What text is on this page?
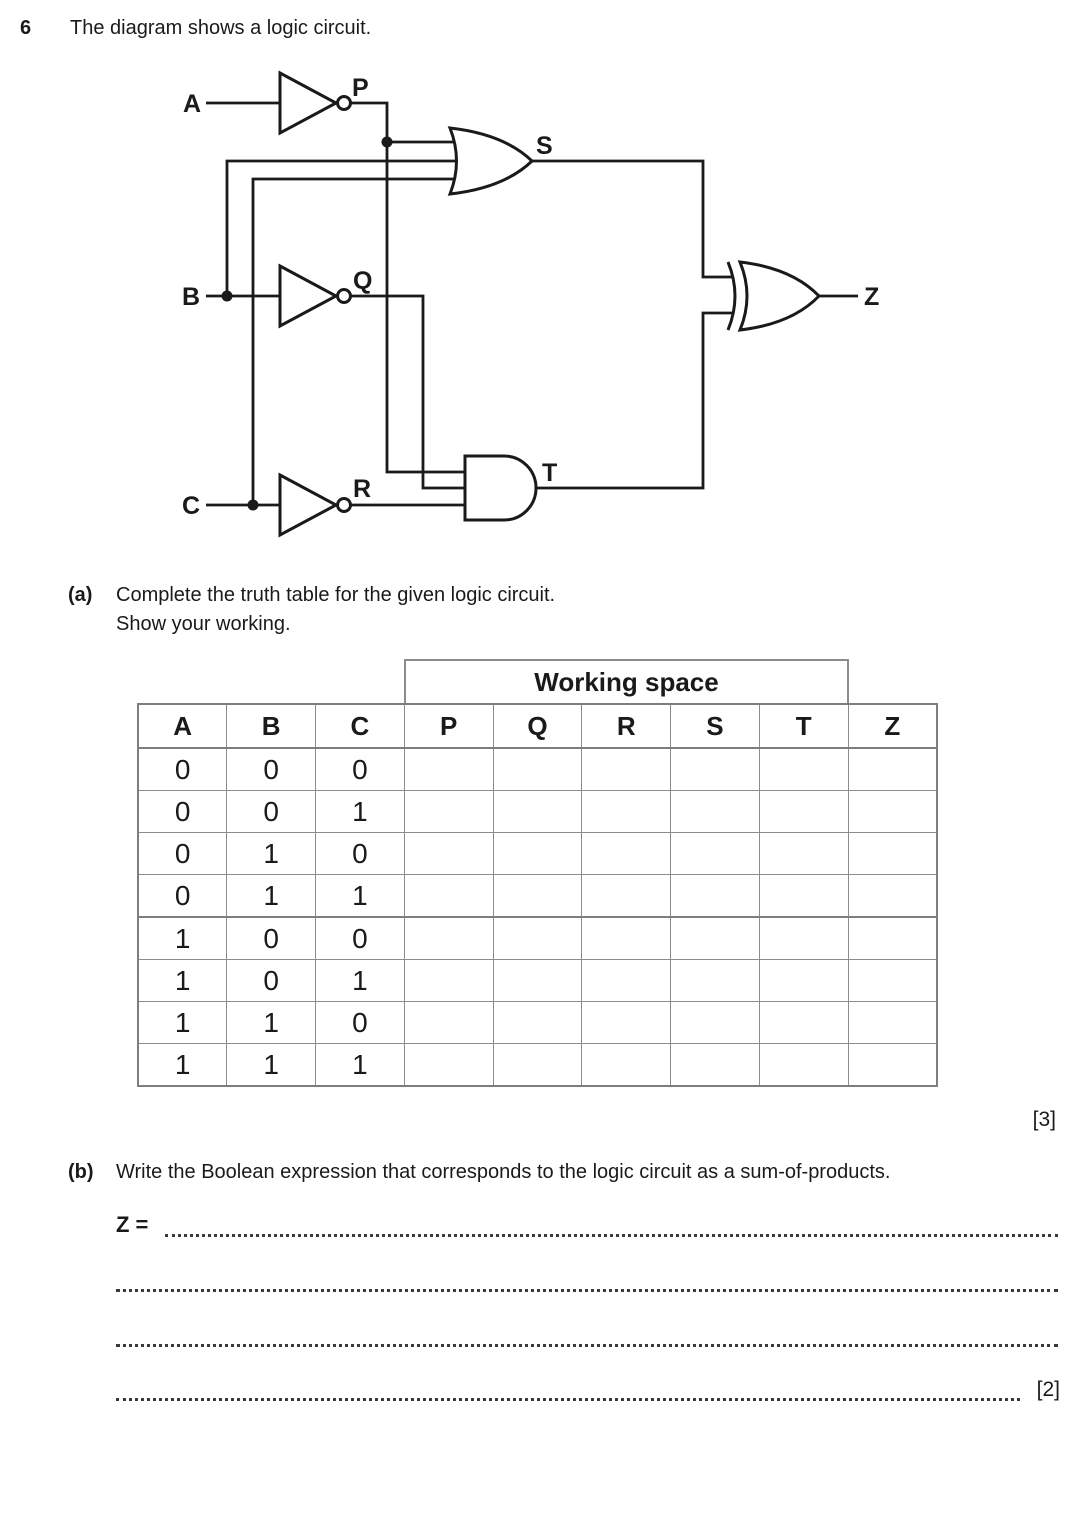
6 The diagram shows a logic circuit.
A
B
C
P
Q
R
S
T
Z
(a) Complete the truth table for the given logic circuit.
Show your working.
Working space
A	B	C	P	Q	R	S	T	Z
0	0	0						
0	0	1						
0	1	0						
0	1	1						
1	0	0						
1	0	1						
1	1	0						
1	1	1						
[3]
(b) Write the Boolean expression that corresponds to the logic circuit as a sum-of-products.
Z =
[2]
